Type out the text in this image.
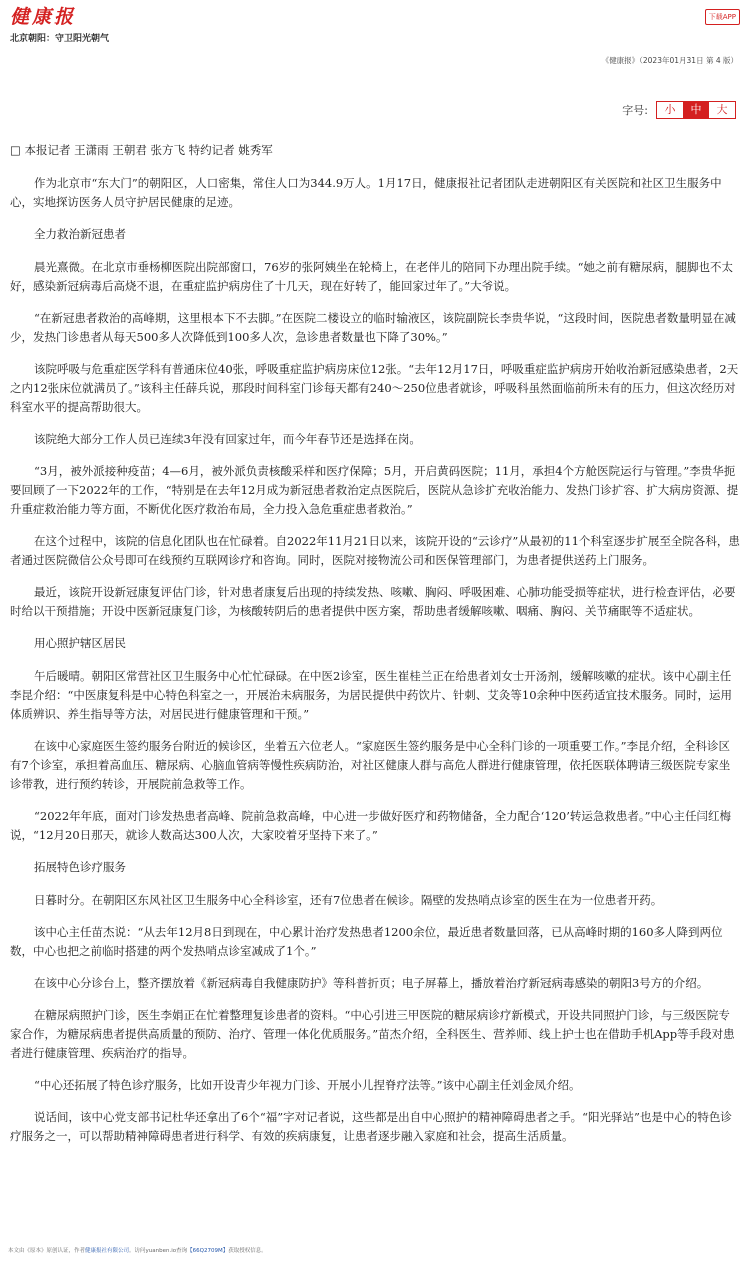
健康报
北京朝阳：守卫阳光朝气
下载APP
《健康报》（2023年01月31日 第 4 版）
字号:	小	中	大

□ 本报记者 王潇雨 王朝君 张方飞 特约记者 姚秀军

作为北京市“东大门”的朝阳区，人口密集，常住人口为344.9万人。1月17日，健康报社记者团队走进朝阳区有关医院和社区卫生服务中心，实地探访医务人员守护居民健康的足迹。

全力救治新冠患者

晨光熹微。在北京市垂杨柳医院出院部窗口，76岁的张阿姨坐在轮椅上，在老伴儿的陪同下办理出院手续。“她之前有糖尿病，腿脚也不太好，感染新冠病毒后高烧不退，在重症监护病房住了十几天，现在好转了，能回家过年了。”大爷说。

“在新冠患者救治的高峰期，这里根本下不去脚。”在医院二楼设立的临时输液区，该院副院长李贵华说，“这段时间，医院患者数量明显在减少，发热门诊患者从每天500多人次降低到100多人次，急诊患者数量也下降了30%。”

该院呼吸与危重症医学科有普通床位40张，呼吸重症监护病房床位12张。“去年12月17日，呼吸重症监护病房开始收治新冠感染患者，2天之内12张床位就满员了。”该科主任薛兵说，那段时间科室门诊每天都有240～250位患者就诊，呼吸科虽然面临前所未有的压力，但这次经历对科室水平的提高帮助很大。

该院绝大部分工作人员已连续3年没有回家过年，而今年春节还是选择在岗。

“3月，被外派接种疫苗；4—6月，被外派负责核酸采样和医疗保障；5月，开启黄码医院；11月，承担4个方舱医院运行与管理。”李贵华扼要回顾了一下2022年的工作，“特别是在去年12月成为新冠患者救治定点医院后，医院从急诊扩充收治能力、发热门诊扩容、扩大病房资源、提升重症救治能力等方面，不断优化医疗救治布局，全力投入急危重症患者救治。”

在这个过程中，该院的信息化团队也在忙碌着。自2022年11月21日以来，该院开设的“云诊疗”从最初的11个科室逐步扩展至全院各科，患者通过医院微信公众号即可在线预约互联网诊疗和咨询。同时，医院对接物流公司和医保管理部门，为患者提供送药上门服务。

最近，该院开设新冠康复评估门诊，针对患者康复后出现的持续发热、咳嗽、胸闷、呼吸困难、心肺功能受损等症状，进行检查评估，必要时给以干预措施；开设中医新冠康复门诊，为核酸转阴后的患者提供中医方案，帮助患者缓解咳嗽、咽痛、胸闷、关节痛眠等不适症状。

用心照护辖区居民

午后暖晴。朝阳区常营社区卫生服务中心忙忙碌碌。在中医2诊室，医生崔桂兰正在给患者刘女士开汤剂，缓解咳嗽的症状。该中心副主任李昆介绍：“中医康复科是中心特色科室之一，开展治未病服务，为居民提供中药饮片、针刺、艾灸等10余种中医药适宜技术服务。同时，运用体质辨识、养生指导等方法，对居民进行健康管理和干预。”

在该中心家庭医生签约服务台附近的候诊区，坐着五六位老人。“家庭医生签约服务是中心全科门诊的一项重要工作。”李昆介绍，全科诊区有7个诊室，承担着高血压、糖尿病、心脑血管病等慢性疾病防治，对社区健康人群与高危人群进行健康管理，依托医联体聘请三级医院专家坐诊带教，进行预约转诊，开展院前急救等工作。

“2022年年底，面对门诊发热患者高峰、院前急救高峰，中心进一步做好医疗和药物储备，全力配合‘120’转运急救患者。”中心主任闫红梅说，“12月20日那天，就诊人数高达300人次，大家咬着牙坚持下来了。”

拓展特色诊疗服务

日暮时分。在朝阳区东风社区卫生服务中心全科诊室，还有7位患者在候诊。隔壁的发热哨点诊室的医生在为一位患者开药。

该中心主任苗杰说：“从去年12月8日到现在，中心累计治疗发热患者1200余位，最近患者数量回落，已从高峰时期的160多人降到两位数，中心也把之前临时搭建的两个发热哨点诊室减成了1个。”

在该中心分诊台上，整齐摆放着《新冠病毒自我健康防护》等科普折页；电子屏幕上，播放着治疗新冠病毒感染的朝阳3号方的介绍。

在糖尿病照护门诊，医生李娟正在忙着整理复诊患者的资料。“中心引进三甲医院的糖尿病诊疗新模式，开设共同照护门诊，与三级医院专家合作，为糖尿病患者提供高质量的预防、治疗、管理一体化优质服务。”苗杰介绍，全科医生、营养师、线上护士也在借助手机App等手段对患者进行健康管理、疾病治疗的指导。

“中心还拓展了特色诊疗服务，比如开设青少年视力门诊、开展小儿捏脊疗法等。”该中心副主任刘金凤介绍。

说话间，该中心党支部书记杜华还拿出了6个“福”字对记者说，这些都是出自中心照护的精神障碍患者之手。“阳光驿站”也是中心的特色诊疗服务之一，可以帮助精神障碍患者进行科学、有效的疾病康复，让患者逐步融入家庭和社会，提高生活质量。

本文由《原本》原创认证，作者健康报社有限公司。访问yuanben.io查询【66Q2709M】获取授权信息。
